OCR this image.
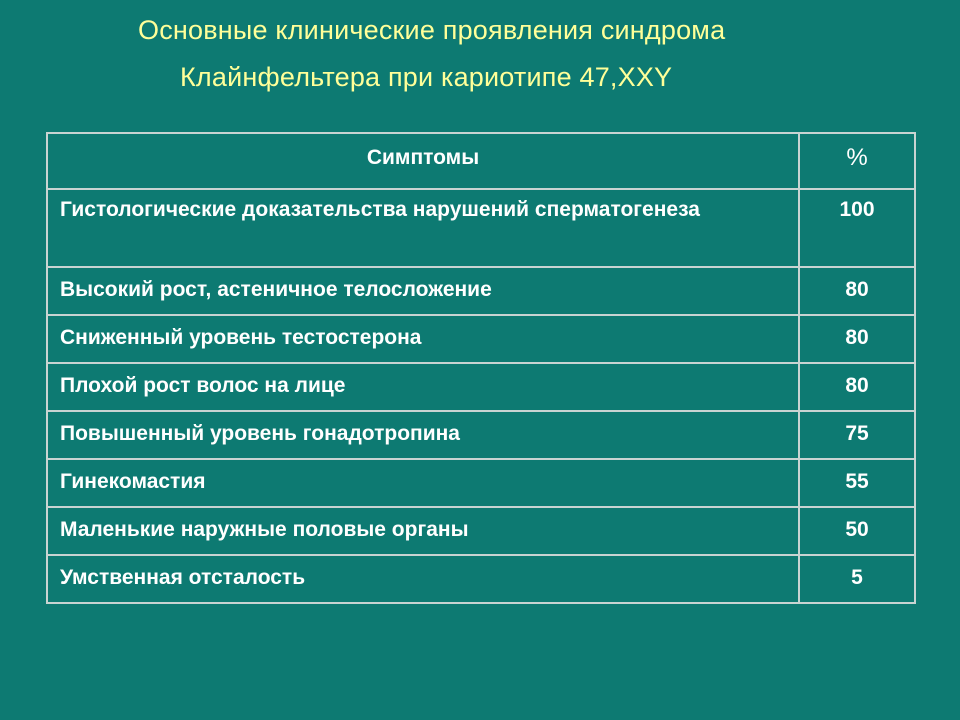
Основные клинические проявления синдрома
Клайнфельтера при кариотипе 47,XXY
Симптомы	%
Гистологические доказательства нарушений сперматогенеза	100
Высокий рост, астеничное телосложение	80
Сниженный уровень тестостерона	80
Плохой рост волос на лице	80
Повышенный уровень гонадотропина	75
Гинекомастия	55
Маленькие наружные половые органы	50
Умственная отсталость	5
